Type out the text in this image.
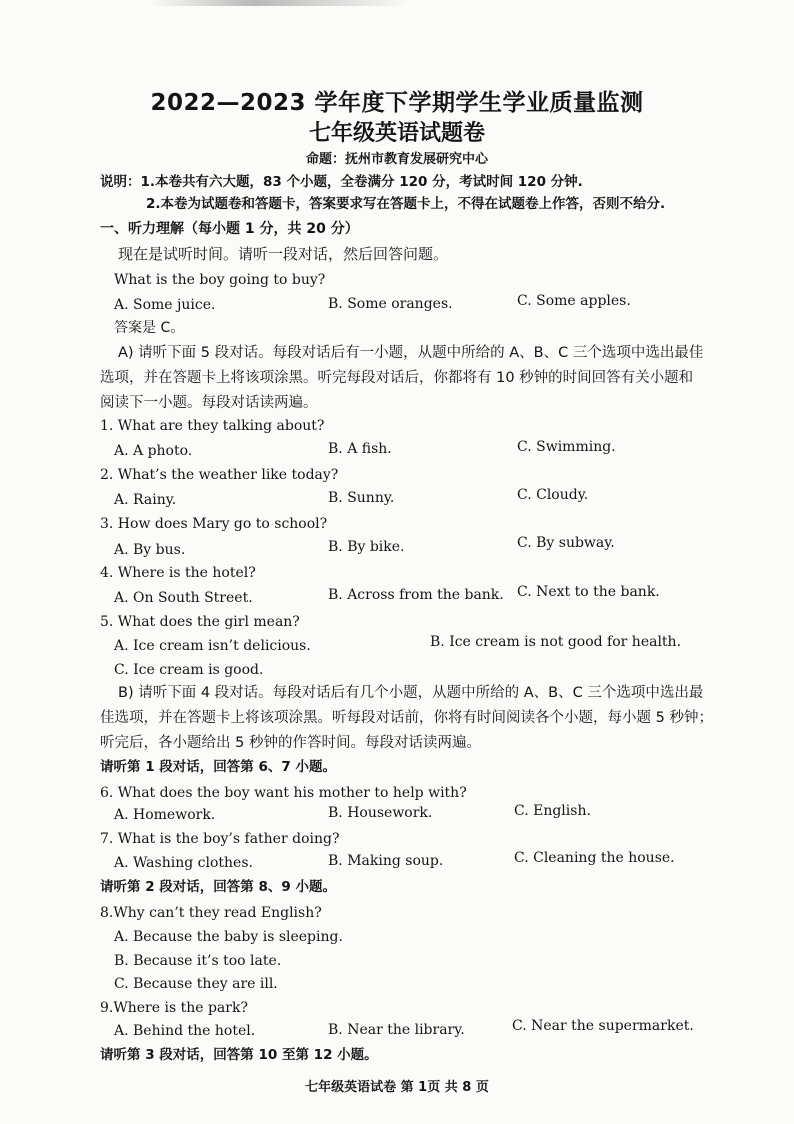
2022—2023 学年度下学期学生学业质量监测
七年级英语试题卷
命题：抚州市教育发展研究中心
说明：1.本卷共有六大题，83 个小题，全卷满分 120 分，考试时间 120 分钟.
2.本卷为试题卷和答题卡，答案要求写在答题卡上，不得在试题卷上作答，否则不给分.
一、听力理解（每小题 1 分，共 20 分）
现在是试听时间。请听一段对话，然后回答问题。
What is the boy going to buy?
A. Some juice.	B. Some oranges.	C. Some apples.
答案是 C。
A) 请听下面 5 段对话。每段对话后有一小题，从题中所给的 A、B、C 三个选项中选出最佳
选项，并在答题卡上将该项涂黑。听完每段对话后，你都将有 10 秒钟的时间回答有关小题和
阅读下一小题。每段对话读两遍。
1. What are they talking about?
A. A photo.	B. A fish.	C. Swimming.
2. What’s the weather like today?
A. Rainy.	B. Sunny.	C. Cloudy.
3. How does Mary go to school?
A. By bus.	B. By bike.	C. By subway.
4. Where is the hotel?
A. On South Street.	B. Across from the bank. C. Next to the bank.
5. What does the girl mean?
A. Ice cream isn’t delicious.	B. Ice cream is not good for health.
C. Ice cream is good.
B) 请听下面 4 段对话。每段对话后有几个小题，从题中所给的 A、B、C 三个选项中选出最
佳选项，并在答题卡上将该项涂黑。听每段对话前，你将有时间阅读各个小题，每小题 5 秒钟；
听完后，各小题给出 5 秒钟的作答时间。每段对话读两遍。
请听第 1 段对话，回答第 6、7 小题。
6. What does the boy want his mother to help with?
A. Homework.	B. Housework.	C. English.
7. What is the boy’s father doing?
A. Washing clothes.	B. Making soup.	C. Cleaning the house.
请听第 2 段对话，回答第 8、9 小题。
8.Why can’t they read English?
A. Because the baby is sleeping.
B. Because it’s too late.
C. Because they are ill.
9.Where is the park?
A. Behind the hotel.	B. Near the library.	C. Near the supermarket.
请听第 3 段对话，回答第 10 至第 12 小题。
七年级英语试卷 第 1页 共 8 页
